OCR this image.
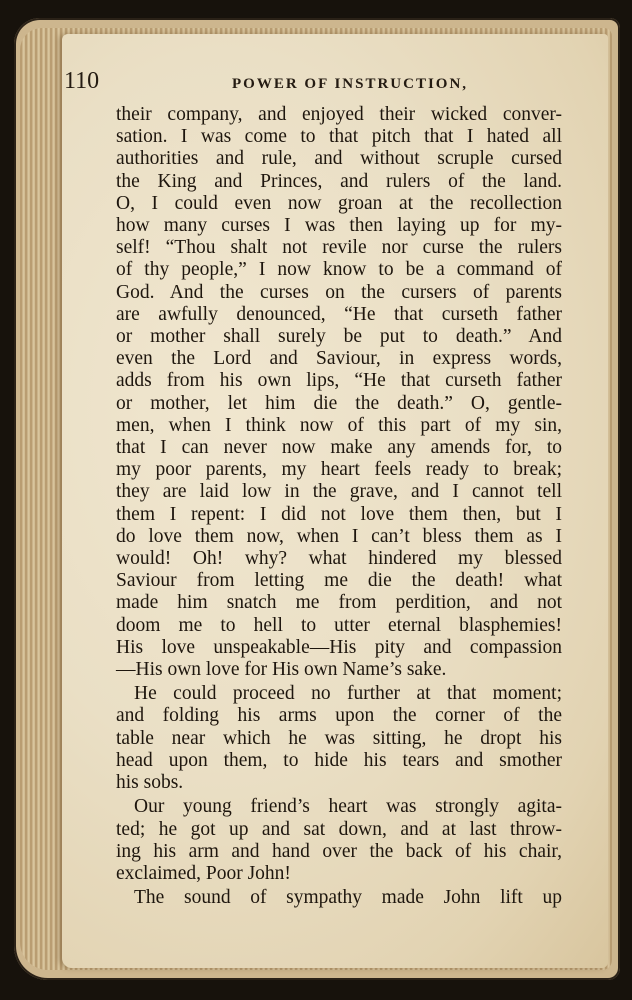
110	POWER OF INSTRUCTION,
their company, and enjoyed their wicked conver-
sation. I was come to that pitch that I hated all
authorities and rule, and without scruple cursed
the King and Princes, and rulers of the land.
O, I could even now groan at the recollection
how many curses I was then laying up for my-
self! “Thou shalt not revile nor curse the rulers
of thy people,” I now know to be a command of
God. And the curses on the cursers of parents
are awfully denounced, “He that curseth father
or mother shall surely be put to death.” And
even the Lord and Saviour, in express words,
adds from his own lips, “He that curseth father
or mother, let him die the death.” O, gentle-
men, when I think now of this part of my sin,
that I can never now make any amends for, to
my poor parents, my heart feels ready to break;
they are laid low in the grave, and I cannot tell
them I repent: I did not love them then, but I
do love them now, when I can’t bless them as I
would! Oh! why? what hindered my blessed
Saviour from letting me die the death! what
made him snatch me from perdition, and not
doom me to hell to utter eternal blasphemies!
His love unspeakable—His pity and compassion
—His own love for His own Name’s sake.
He could proceed no further at that moment;
and folding his arms upon the corner of the
table near which he was sitting, he dropt his
head upon them, to hide his tears and smother
his sobs.
Our young friend’s heart was strongly agita-
ted; he got up and sat down, and at last throw-
ing his arm and hand over the back of his chair,
exclaimed, Poor John!
The sound of sympathy made John lift up
